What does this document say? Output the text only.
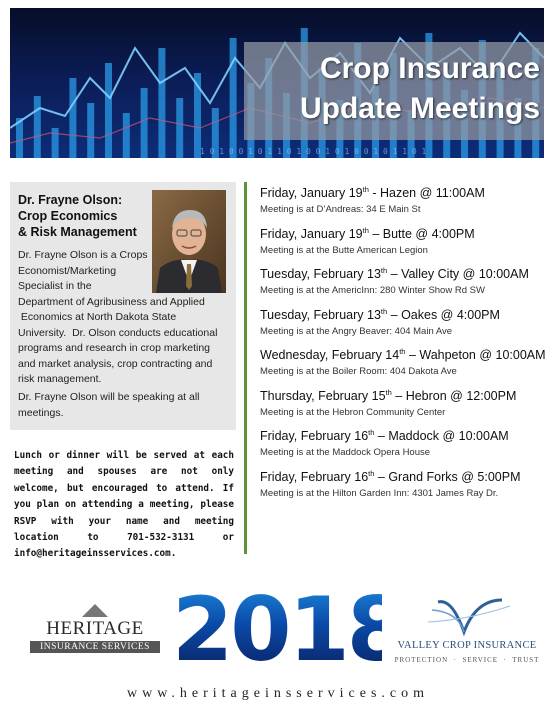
1 0 1 0 0 1 0 1 1 0 1 0 0 1 0 1 0 0 1 0 1 1 0 1
Crop Insurance
Update Meetings
Dr. Frayne Olson:
Crop Economics
& Risk Management
Dr. Frayne Olson is a Crops
Economist/Marketing
Specialist in the
Department of Agribusiness and Applied
Economics at North Dakota State
University.  Dr. Olson conducts educational
programs and research in crop marketing
and market analysis, crop contracting and
risk management.
Dr. Frayne Olson will be speaking at all meetings.
Lunch or dinner will be served at each meeting and spouses are not only welcome, but encouraged to attend. If you plan on attending a meeting, please RSVP with your name and meeting location to 701-532-3131 or info@heritageinsservices.com.
Friday, January 19th - Hazen @ 11:00AM
Meeting is at D’Andreas: 34 E Main St
Friday, January 19th – Butte @ 4:00PM
Meeting is at the Butte American Legion
Tuesday, February 13th – Valley City @ 10:00AM
Meeting is at the AmericInn: 280 Winter Show Rd SW
Tuesday, February 13th – Oakes @ 4:00PM
Meeting is at the Angry Beaver: 404 Main Ave
Wednesday, February 14th – Wahpeton @ 10:00AM
Meeting is at the Boiler Room: 404 Dakota Ave
Thursday, February 15th – Hebron @ 12:00PM
Meeting is at the Hebron Community Center
Friday, February 16th – Maddock @ 10:00AM
Meeting is at the Maddock Opera House
Friday, February 16th – Grand Forks @ 5:00PM
Meeting is at the Hilton Garden Inn: 4301 James Ray Dr.
HERITAGE
INSURANCE SERVICES 2018
VALLEY CROP INSURANCE
PROTECTION  ·  SERVICE  ·  TRUST
www.heritageinsservices.com
